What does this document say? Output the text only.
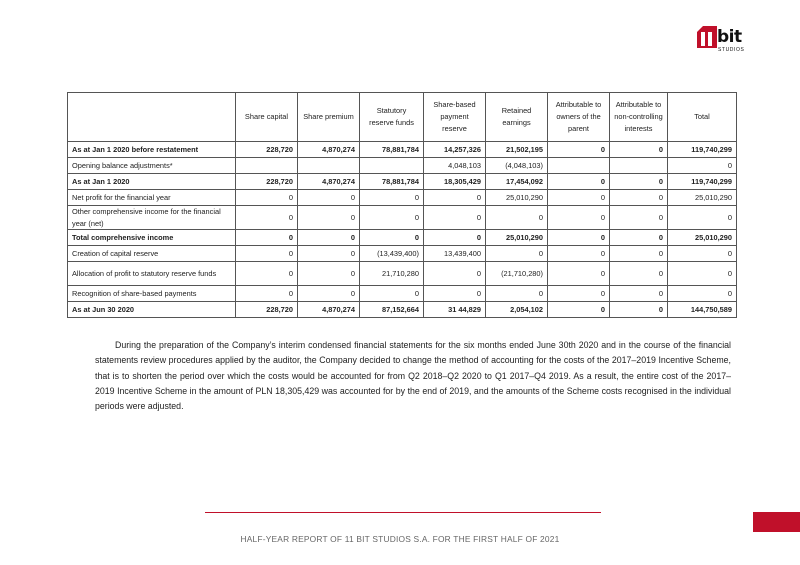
bit
STUDIOS
	Share capital	Share premium	Statutory reserve funds	Share-based payment reserve	Retained earnings	Attributable to owners of the parent	Attributable to non-controlling interests	Total
As at Jan 1 2020 before restatement	228,720	4,870,274	78,881,784	14,257,326	21,502,195	0	0	119,740,299
Opening balance adjustments*				4,048,103	(4,048,103)			0
As at Jan 1 2020	228,720	4,870,274	78,881,784	18,305,429	17,454,092	0	0	119,740,299
Net profit for the financial year	0	0	0	0	25,010,290	0	0	25,010,290
Other comprehensive income for the financial year (net)	0	0	0	0	0	0	0	0
Total comprehensive income	0	0	0	0	25,010,290	0	0	25,010,290
Creation of capital reserve	0	0	(13,439,400)	13,439,400	0	0	0	0
Allocation of profit to statutory reserve funds	0	0	21,710,280	0	(21,710,280)	0	0	0
Recognition of share-based payments	0	0	0	0	0	0	0	0
As at Jun 30 2020	228,720	4,870,274	87,152,664	31 44,829	2,054,102	0	0	144,750,589

During the preparation of the Company’s interim condensed financial statements for the six months ended June 30th 2020 and in the course of the financial statements review procedures applied by the auditor, the Company decided to change the method of accounting for the costs of the 2017–2019 Incentive Scheme, that is to shorten the period over which the costs would be accounted for from Q2 2018–Q2 2020 to Q1 2017–Q4 2019. As a result, the entire cost of the 2017–2019 Incentive Scheme in the amount of PLN 18,305,429 was accounted for by the end of 2019, and the amounts of the Scheme costs recognised in the individual periods were adjusted.

HALF-YEAR REPORT OF 11 BIT STUDIOS S.A. FOR THE FIRST HALF OF 2021
